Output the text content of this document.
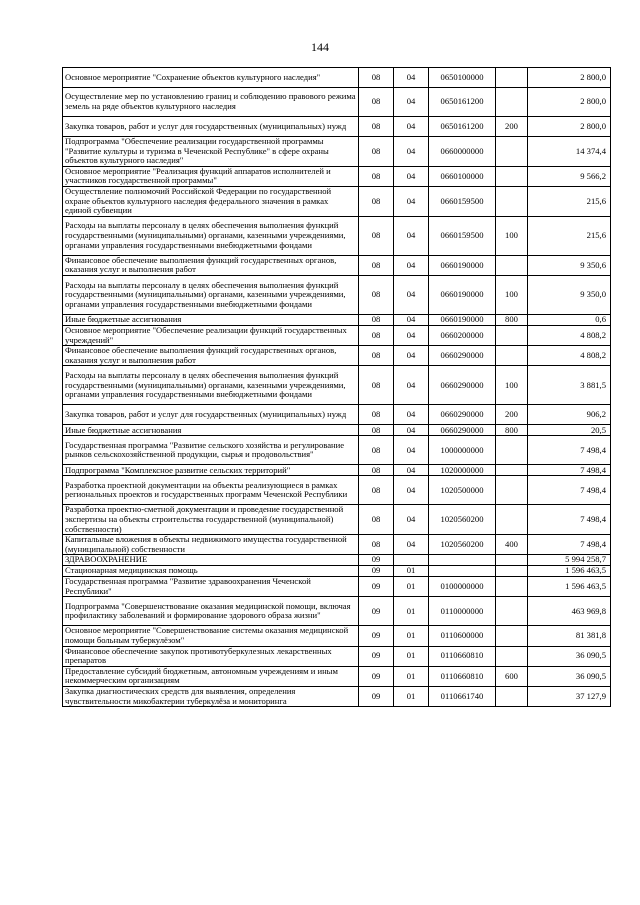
144
Основное мероприятие "Сохранение объектов культурного наследия"	08	04	0650100000		2 800,0
Осуществление мер по установлению границ и соблюдению правового режима земель на ряде объектов культурного наследия	08	04	0650161200		2 800,0
Закупка товаров, работ и услуг для государственных (муниципальных) нужд	08	04	0650161200	200	2 800,0
Подпрограмма "Обеспечение реализации государственной программы "Развитие культуры и туризма в Чеченской Республике" в сфере охраны объектов культурного наследия"	08	04	0660000000		14 374,4
Основное мероприятие "Реализация функций аппаратов исполнителей и участников государственной программы"	08	04	0660100000		9 566,2
Осуществление полномочий Российской Федерации по государственной охране объектов культурного наследия федерального значения в рамках единой субвенции	08	04	0660159500		215,6
Расходы на выплаты персоналу в целях обеспечения выполнения функций государственными (муниципальными) органами, казенными учреждениями, органами управления государственными внебюджетными фондами	08	04	0660159500	100	215,6
Финансовое обеспечение выполнения функций государственных органов, оказания услуг и выполнения работ	08	04	0660190000		9 350,6
Расходы на выплаты персоналу в целях обеспечения выполнения функций государственными (муниципальными) органами, казенными учреждениями, органами управления государственными внебюджетными фондами	08	04	0660190000	100	9 350,0
Иные бюджетные ассигнования	08	04	0660190000	800	0,6
Основное мероприятие "Обеспечение реализации функций государственных учреждений"	08	04	0660200000		4 808,2
Финансовое обеспечение выполнения функций государственных органов, оказания услуг и выполнения работ	08	04	0660290000		4 808,2
Расходы на выплаты персоналу в целях обеспечения выполнения функций государственными (муниципальными) органами, казенными учреждениями, органами управления государственными внебюджетными фондами	08	04	0660290000	100	3 881,5
Закупка товаров, работ и услуг для государственных (муниципальных) нужд	08	04	0660290000	200	906,2
Иные бюджетные ассигнования	08	04	0660290000	800	20,5
Государственная программа "Развитие сельского хозяйства и регулирование рынков сельскохозяйственной продукции, сырья и продовольствия"	08	04	1000000000		7 498,4
Подпрограмма "Комплексное развитие сельских территорий"	08	04	1020000000		7 498,4
Разработка проектной документации на объекты реализующиеся в рамках региональных проектов и государственных программ Чеченской Республики	08	04	1020500000		7 498,4
Разработка проектно-сметной документации и проведение государственной экспертизы на объекты строительства государственной (муниципальной) собственности)	08	04	1020560200		7 498,4
Капитальные вложения в объекты недвижимого имущества государственной (муниципальной) собственности	08	04	1020560200	400	7 498,4
ЗДРАВООХРАНЕНИЕ	09				5 994 258,7
Стационарная медицинская помощь	09	01			1 596 463,5
Государственная программа "Развитие здравоохранения Чеченской Республики"	09	01	0100000000		1 596 463,5
Подпрограмма "Совершенствование оказания медицинской помощи, включая профилактику заболеваний и формирование здорового образа жизни"	09	01	0110000000		463 969,8
Основное мероприятие "Совершенствование системы оказания медицинской помощи больным туберкулёзом"	09	01	0110600000		81 381,8
Финансовое обеспечение закупок противотуберкулезных лекарственных препаратов	09	01	0110660810		36 090,5
Предоставление субсидий бюджетным, автономным учреждениям и иным некоммерческим организациям	09	01	0110660810	600	36 090,5
Закупка диагностических средств для выявления, определения чувствительности микобактерии туберкулёза и мониторинга	09	01	0110661740		37 127,9
